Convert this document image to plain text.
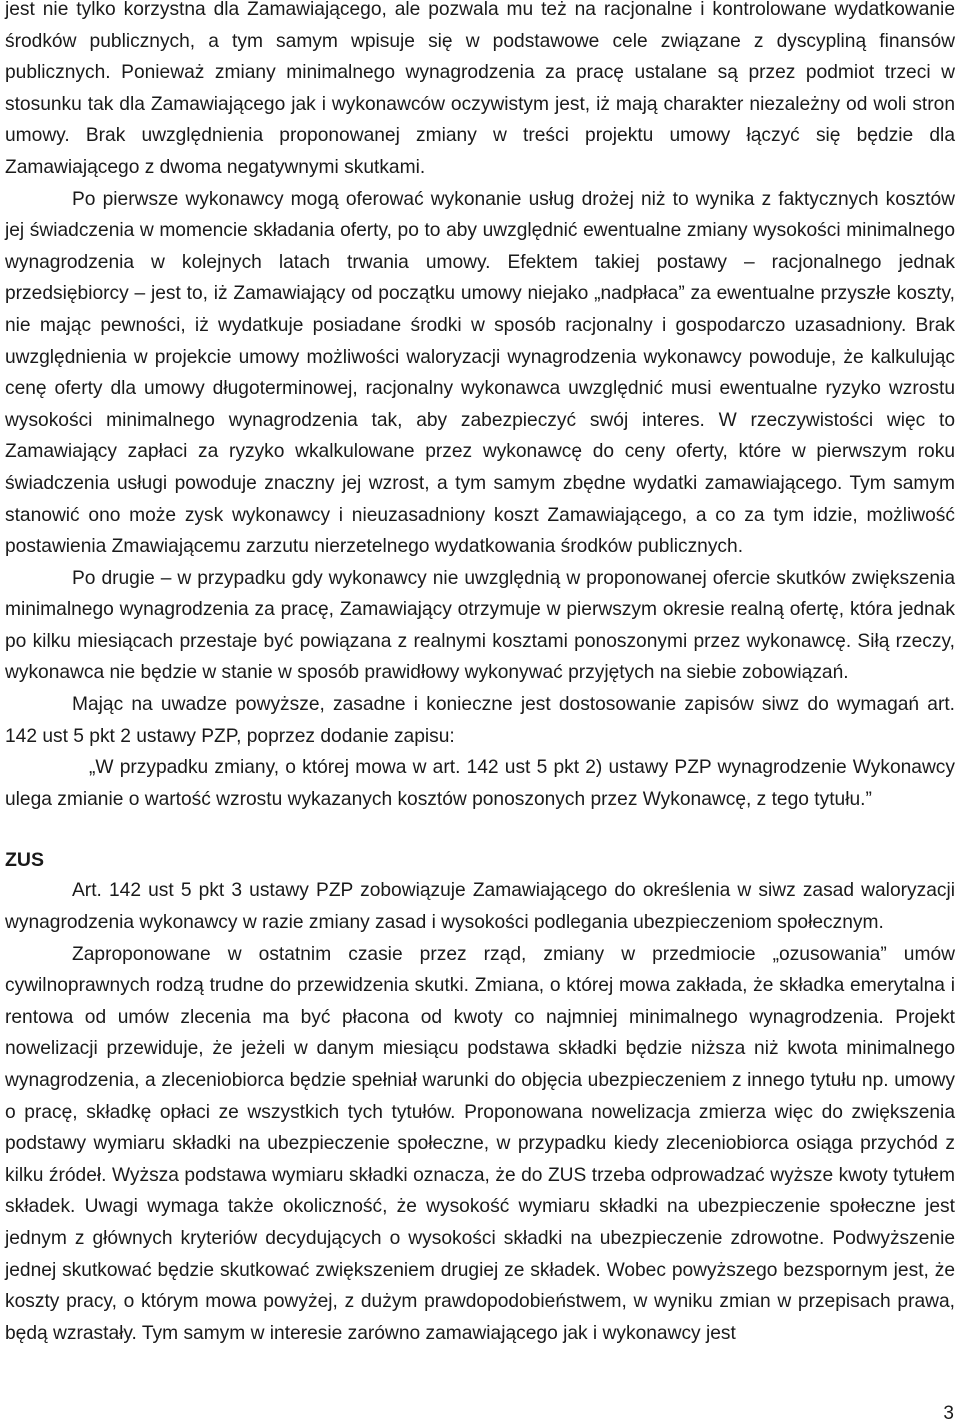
jest nie tylko korzystna dla Zamawiającego, ale pozwala mu też na racjonalne i kontrolowane wydatkowanie środków publicznych, a tym samym wpisuje się w podstawowe cele związane z dyscypliną finansów publicznych. Ponieważ zmiany minimalnego wynagrodzenia za pracę ustalane są przez podmiot trzeci w stosunku tak dla Zamawiającego jak i wykonawców oczywistym jest, iż mają charakter niezależny od woli stron umowy. Brak uwzględnienia proponowanej zmiany w treści projektu umowy łączyć się będzie dla Zamawiającego z dwoma negatywnymi skutkami.

Po pierwsze wykonawcy mogą oferować wykonanie usług drożej niż to wynika z faktycznych kosztów jej świadczenia w momencie składania oferty, po to aby uwzględnić ewentualne zmiany wysokości minimalnego wynagrodzenia w kolejnych latach trwania umowy. Efektem takiej postawy – racjonalnego jednak przedsiębiorcy – jest to, iż Zamawiający od początku umowy niejako „nadpłaca” za ewentualne przyszłe koszty, nie mając pewności, iż wydatkuje posiadane środki w sposób racjonalny i gospodarczo uzasadniony. Brak uwzględnienia w projekcie umowy możliwości waloryzacji wynagrodzenia wykonawcy powoduje, że kalkulując cenę oferty dla umowy długoterminowej, racjonalny wykonawca uwzględnić musi ewentualne ryzyko wzrostu wysokości minimalnego wynagrodzenia tak, aby zabezpieczyć swój interes. W rzeczywistości więc to Zamawiający zapłaci za ryzyko wkalkulowane przez wykonawcę do ceny oferty, które w pierwszym roku świadczenia usługi powoduje znaczny jej wzrost, a tym samym zbędne wydatki zamawiającego. Tym samym stanowić ono może zysk wykonawcy i nieuzasadniony koszt Zamawiającego, a co za tym idzie, możliwość postawienia Zmawiającemu zarzutu nierzetelnego wydatkowania środków publicznych.

Po drugie – w przypadku gdy wykonawcy nie uwzględnią w proponowanej ofercie skutków zwiększenia minimalnego wynagrodzenia za pracę, Zamawiający otrzymuje w pierwszym okresie realną ofertę, która jednak po kilku miesiącach przestaje być powiązana z realnymi kosztami ponoszonymi przez wykonawcę. Siłą rzeczy, wykonawca nie będzie w stanie w sposób prawidłowy wykonywać przyjętych na siebie zobowiązań.

Mając na uwadze powyższe, zasadne i konieczne jest dostosowanie zapisów siwz do wymagań art. 142 ust 5 pkt 2 ustawy PZP, poprzez dodanie zapisu:

„W przypadku zmiany, o której mowa w art. 142 ust 5 pkt 2) ustawy PZP wynagrodzenie Wykonawcy ulega zmianie o wartość wzrostu wykazanych kosztów ponoszonych przez Wykonawcę, z tego tytułu.”

ZUS

Art. 142 ust 5 pkt 3 ustawy PZP zobowiązuje Zamawiającego do określenia w siwz zasad waloryzacji wynagrodzenia wykonawcy w razie zmiany zasad i wysokości podlegania ubezpieczeniom społecznym.

Zaproponowane w ostatnim czasie przez rząd, zmiany w przedmiocie „ozusowania” umów cywilnoprawnych rodzą trudne do przewidzenia skutki. Zmiana, o której mowa zakłada, że składka emerytalna i rentowa od umów zlecenia ma być płacona od kwoty co najmniej minimalnego wynagrodzenia. Projekt nowelizacji przewiduje, że jeżeli w danym miesiącu podstawa składki będzie niższa niż kwota minimalnego wynagrodzenia, a zleceniobiorca będzie spełniał warunki do objęcia ubezpieczeniem z innego tytułu np. umowy o pracę, składkę opłaci ze wszystkich tych tytułów. Proponowana nowelizacja zmierza więc do zwiększenia podstawy wymiaru składki na ubezpieczenie społeczne, w przypadku kiedy zleceniobiorca osiąga przychód z kilku źródeł. Wyższa podstawa wymiaru składki oznacza, że do ZUS trzeba odprowadzać wyższe kwoty tytułem składek. Uwagi wymaga także okoliczność, że wysokość wymiaru składki na ubezpieczenie społeczne jest jednym z głównych kryteriów decydujących o wysokości składki na ubezpieczenie zdrowotne. Podwyższenie jednej skutkować będzie skutkować zwiększeniem drugiej ze składek. Wobec powyższego bezspornym jest, że koszty pracy, o którym mowa powyżej, z dużym prawdopodobieństwem, w wyniku zmian w przepisach prawa, będą wzrastały. Tym samym w interesie zarówno zamawiającego jak i wykonawcy jest

3
